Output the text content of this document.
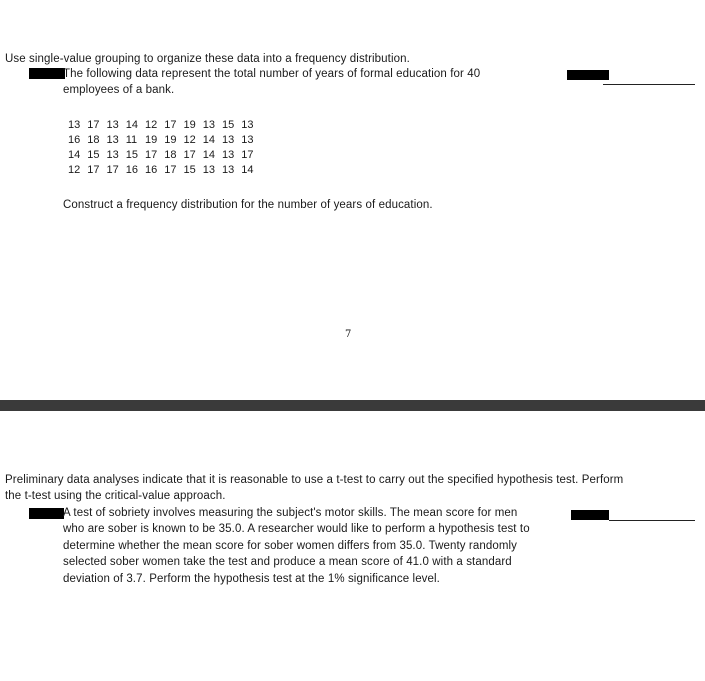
Use single-value grouping to organize these data into a frequency distribution.
The following data represent the total number of years of formal education for 40
employees of a bank.
13	17	13	14	12	17	19	13	15	13
16	18	13	11	19	19	12	14	13	13
14	15	13	15	17	18	17	14	13	17
12	17	17	16	16	17	15	13	13	14
Construct a frequency distribution for the number of years of education.
7
Preliminary data analyses indicate that it is reasonable to use a t-test to carry out the specified hypothesis test. Perform
the t-test using the critical-value approach.
A test of sobriety involves measuring the subject's motor skills. The mean score for men
who are sober is known to be 35.0. A researcher would like to perform a hypothesis test to
determine whether the mean score for sober women differs from 35.0. Twenty randomly
selected sober women take the test and produce a mean score of 41.0 with a standard
deviation of 3.7. Perform the hypothesis test at the 1% significance level.
